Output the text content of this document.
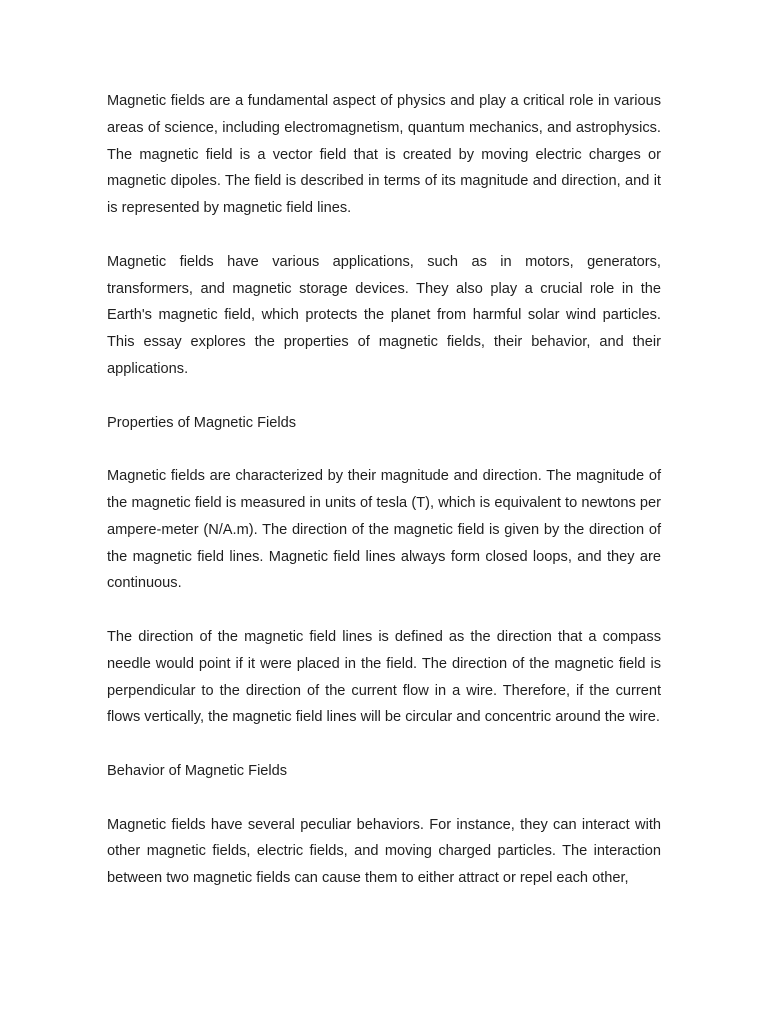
Magnetic fields are a fundamental aspect of physics and play a critical role in various areas of science, including electromagnetism, quantum mechanics, and astrophysics. The magnetic field is a vector field that is created by moving electric charges or magnetic dipoles. The field is described in terms of its magnitude and direction, and it is represented by magnetic field lines.

Magnetic fields have various applications, such as in motors, generators, transformers, and magnetic storage devices. They also play a crucial role in the Earth's magnetic field, which protects the planet from harmful solar wind particles. This essay explores the properties of magnetic fields, their behavior, and their applications.

Properties of Magnetic Fields

Magnetic fields are characterized by their magnitude and direction. The magnitude of the magnetic field is measured in units of tesla (T), which is equivalent to newtons per ampere-meter (N/A.m). The direction of the magnetic field is given by the direction of the magnetic field lines. Magnetic field lines always form closed loops, and they are continuous.

The direction of the magnetic field lines is defined as the direction that a compass needle would point if it were placed in the field. The direction of the magnetic field is perpendicular to the direction of the current flow in a wire. Therefore, if the current flows vertically, the magnetic field lines will be circular and concentric around the wire.

Behavior of Magnetic Fields

Magnetic fields have several peculiar behaviors. For instance, they can interact with other magnetic fields, electric fields, and moving charged particles. The interaction between two magnetic fields can cause them to either attract or repel each other,
